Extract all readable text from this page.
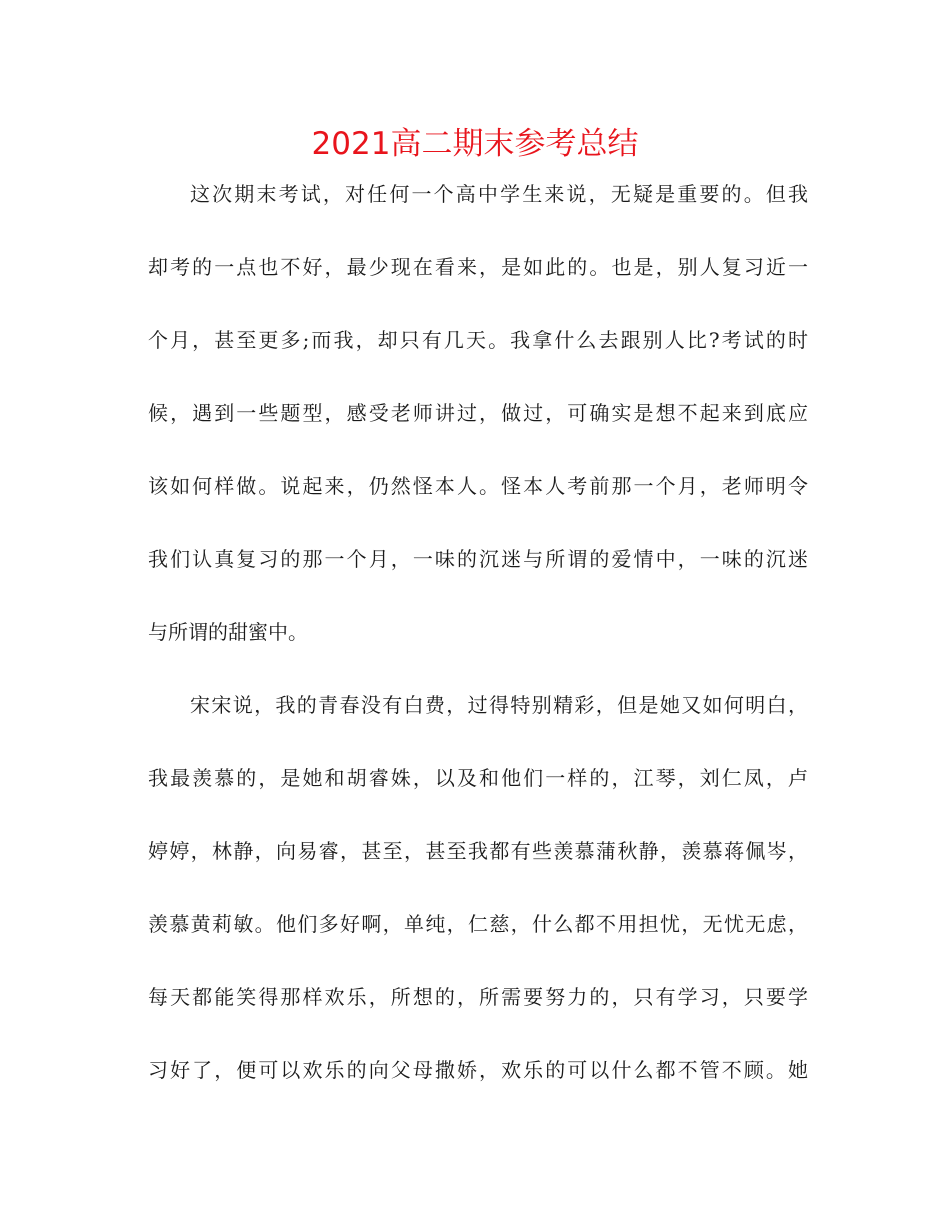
2021高二期末参考总结
这次期末考试，对任何一个高中学生来说，无疑是重要的。但我
却考的一点也不好，最少现在看来，是如此的。也是，别人复习近一
个月，甚至更多;而我，却只有几天。我拿什么去跟别人比?考试的时
候，遇到一些题型，感受老师讲过，做过，可确实是想不起来到底应
该如何样做。说起来，仍然怪本人。怪本人考前那一个月，老师明令
我们认真复习的那一个月，一味的沉迷与所谓的爱情中，一味的沉迷
与所谓的甜蜜中。
宋宋说，我的青春没有白费，过得特别精彩，但是她又如何明白，
我最羡慕的，是她和胡睿姝，以及和他们一样的，江琴，刘仁凤，卢
婷婷，林静，向易睿，甚至，甚至我都有些羡慕蒲秋静，羡慕蒋佩岑，
羡慕黄莉敏。他们多好啊，单纯，仁慈，什么都不用担忧，无忧无虑，
每天都能笑得那样欢乐，所想的，所需要努力的，只有学习，只要学
习好了，便可以欢乐的向父母撒娇，欢乐的可以什么都不管不顾。她
